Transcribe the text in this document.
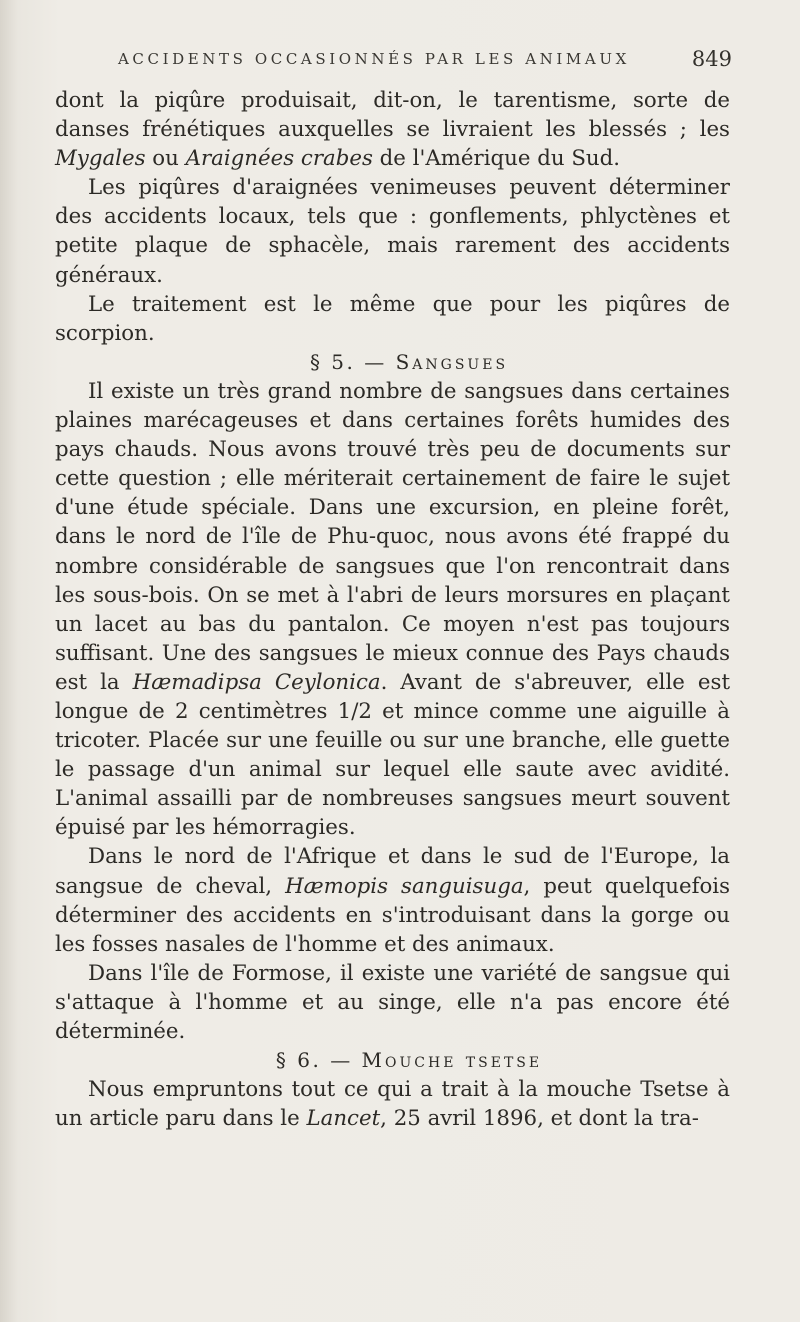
ACCIDENTS OCCASIONNÉS PAR LES ANIMAUX	849

dont la piqûre produisait, dit-on, le tarentisme, sorte de danses frénétiques auxquelles se livraient les blessés ; les Mygales ou Araignées crabes de l'Amérique du Sud.

Les piqûres d'araignées venimeuses peuvent déterminer des accidents locaux, tels que : gonflements, phlyctènes et petite plaque de sphacèle, mais rarement des accidents généraux.

Le traitement est le même que pour les piqûres de scorpion.

§ 5. — Sangsues

Il existe un très grand nombre de sangsues dans certaines plaines marécageuses et dans certaines forêts humides des pays chauds. Nous avons trouvé très peu de documents sur cette question ; elle mériterait certainement de faire le sujet d'une étude spéciale. Dans une excursion, en pleine forêt, dans le nord de l'île de Phu-quoc, nous avons été frappé du nombre considérable de sangsues que l'on rencontrait dans les sous-bois. On se met à l'abri de leurs morsures en plaçant un lacet au bas du pantalon. Ce moyen n'est pas toujours suffisant. Une des sangsues le mieux connue des Pays chauds est la Hæmadipsa Ceylonica. Avant de s'abreuver, elle est longue de 2 centimètres 1/2 et mince comme une aiguille à tricoter. Placée sur une feuille ou sur une branche, elle guette le passage d'un animal sur lequel elle saute avec avidité. L'animal assailli par de nombreuses sangsues meurt souvent épuisé par les hémorragies.

Dans le nord de l'Afrique et dans le sud de l'Europe, la sangsue de cheval, Hæmopis sanguisuga, peut quelquefois déterminer des accidents en s'introduisant dans la gorge ou les fosses nasales de l'homme et des animaux.

Dans l'île de Formose, il existe une variété de sangsue qui s'attaque à l'homme et au singe, elle n'a pas encore été déterminée.

§ 6. — Mouche tsetse

Nous empruntons tout ce qui a trait à la mouche Tsetse à un article paru dans le Lancet, 25 avril 1896, et dont la tra-
